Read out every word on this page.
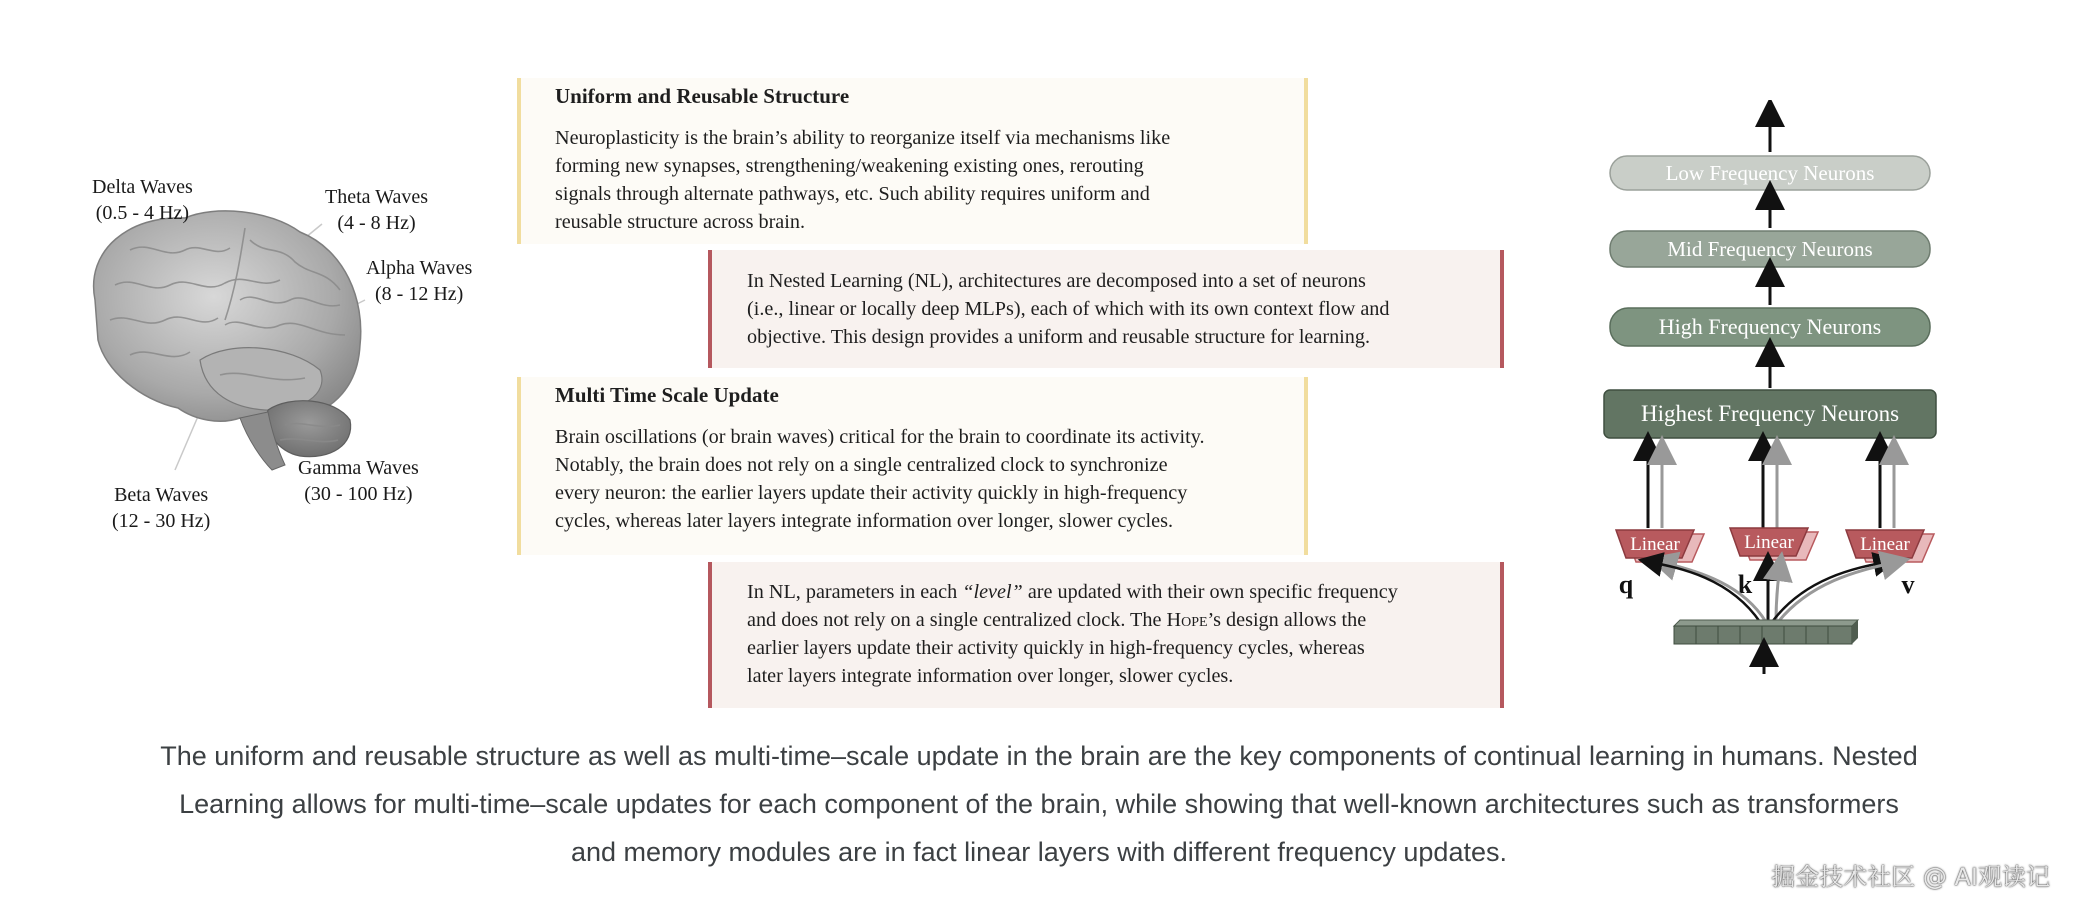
Delta Waves
(0.5 - 4 Hz)
Theta Waves
(4 - 8 Hz)
Alpha Waves
(8 - 12 Hz)
Beta Waves
(12 - 30 Hz)
Gamma Waves
(30 - 100 Hz)

Uniform and Reusable Structure

Neuroplasticity is the brain’s ability to reorganize itself via mechanisms like
forming new synapses, strengthening/weakening existing ones, rerouting
signals through alternate pathways, etc. Such ability requires uniform and
reusable structure across brain.

In Nested Learning (NL), architectures are decomposed into a set of neurons
(i.e., linear or locally deep MLPs), each of which with its own context flow and
objective. This design provides a uniform and reusable structure for learning.

Multi Time Scale Update

Brain oscillations (or brain waves) critical for the brain to coordinate its activity.
Notably, the brain does not rely on a single centralized clock to synchronize
every neuron: the earlier layers update their activity quickly in high-frequency
cycles, whereas later layers integrate information over longer, slower cycles.

In NL, parameters in each “level” are updated with their own specific frequency
and does not rely on a single centralized clock. The Hope’s design allows the
earlier layers update their activity quickly in high-frequency cycles, whereas
later layers integrate information over longer, slower cycles.

Low Frequency Neurons
Mid Frequency Neurons
High Frequency Neurons
Highest Frequency Neurons
Linear	Linear	Linear
q	k	v
The uniform and reusable structure as well as multi-time–scale update in the brain are the key components of continual learning in humans. Nested
Learning allows for multi-time–scale updates for each component of the brain, while showing that well-known architectures such as transformers
and memory modules are in fact linear layers with different frequency updates.
掘金技术社区 @ AI观读记
